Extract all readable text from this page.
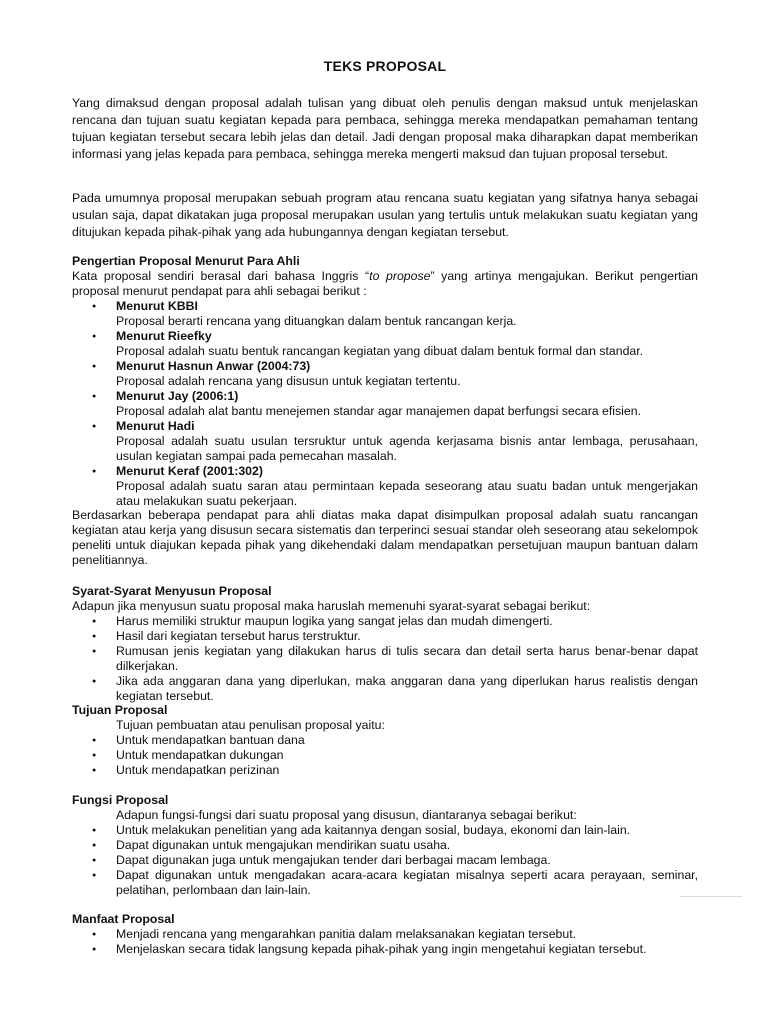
TEKS PROPOSAL

Yang dimaksud dengan proposal adalah tulisan yang dibuat oleh penulis dengan maksud untuk menjelaskan rencana dan tujuan suatu kegiatan kepada para pembaca, sehingga mereka mendapatkan pemahaman tentang tujuan kegiatan tersebut secara lebih jelas dan detail. Jadi dengan proposal maka diharapkan dapat memberikan informasi yang jelas kepada para pembaca, sehingga mereka mengerti maksud dan tujuan proposal tersebut.

Pada umumnya proposal merupakan sebuah program atau rencana suatu kegiatan yang sifatnya hanya sebagai usulan saja, dapat dikatakan juga proposal merupakan usulan yang tertulis untuk melakukan suatu kegiatan yang ditujukan kepada pihak-pihak yang ada hubungannya dengan kegiatan tersebut.

Pengertian Proposal Menurut Para Ahli

Kata proposal sendiri berasal dari bahasa Inggris “to propose” yang artinya mengajukan. Berikut pengertian proposal menurut pendapat para ahli sebagai berikut :

● Menurut KBBI
Proposal berarti rencana yang dituangkan dalam bentuk rancangan kerja.
● Menurut Rieefky
Proposal adalah suatu bentuk rancangan kegiatan yang dibuat dalam bentuk formal dan standar.
● Menurut Hasnun Anwar (2004:73)
Proposal adalah rencana yang disusun untuk kegiatan tertentu.
● Menurut Jay (2006:1)
Proposal adalah alat bantu menejemen standar agar manajemen dapat berfungsi secara efisien.
● Menurut Hadi
Proposal adalah suatu usulan tersruktur untuk agenda kerjasama bisnis antar lembaga, perusahaan, usulan kegiatan sampai pada pemecahan masalah.
● Menurut Keraf (2001:302)
Proposal adalah suatu saran atau permintaan kepada seseorang atau suatu badan untuk mengerjakan atau melakukan suatu pekerjaan.

Berdasarkan beberapa pendapat para ahli diatas maka dapat disimpulkan proposal adalah suatu rancangan kegiatan atau kerja yang disusun secara sistematis dan terperinci sesuai standar oleh seseorang atau sekelompok peneliti untuk diajukan kepada pihak yang dikehendaki dalam mendapatkan persetujuan maupun bantuan dalam penelitiannya.

Syarat-Syarat Menyusun Proposal

Adapun jika menyusun suatu proposal maka haruslah memenuhi syarat-syarat sebagai berikut:

● Harus memiliki struktur maupun logika yang sangat jelas dan mudah dimengerti.
● Hasil dari kegiatan tersebut harus terstruktur.
● Rumusan jenis kegiatan yang dilakukan harus di tulis secara dan detail serta harus benar-benar dapat dilkerjakan.
● Jika ada anggaran dana yang diperlukan, maka anggaran dana yang diperlukan harus realistis dengan kegiatan tersebut.

Tujuan Proposal

Tujuan pembuatan atau penulisan proposal yaitu:

● Untuk mendapatkan bantuan dana
● Untuk mendapatkan dukungan
● Untuk mendapatkan perizinan

Fungsi Proposal

Adapun fungsi-fungsi dari suatu proposal yang disusun, diantaranya sebagai berikut:

● Untuk melakukan penelitian yang ada kaitannya dengan sosial, budaya, ekonomi dan lain-lain.
● Dapat digunakan untuk mengajukan mendirikan suatu usaha.
● Dapat digunakan juga untuk mengajukan tender dari berbagai macam lembaga.
● Dapat digunakan untuk mengadakan acara-acara kegiatan misalnya seperti acara perayaan, seminar, pelatihan, perlombaan dan lain-lain.

Manfaat Proposal

● Menjadi rencana yang mengarahkan panitia dalam melaksanakan kegiatan tersebut.
● Menjelaskan secara tidak langsung kepada pihak-pihak yang ingin mengetahui kegiatan tersebut.
